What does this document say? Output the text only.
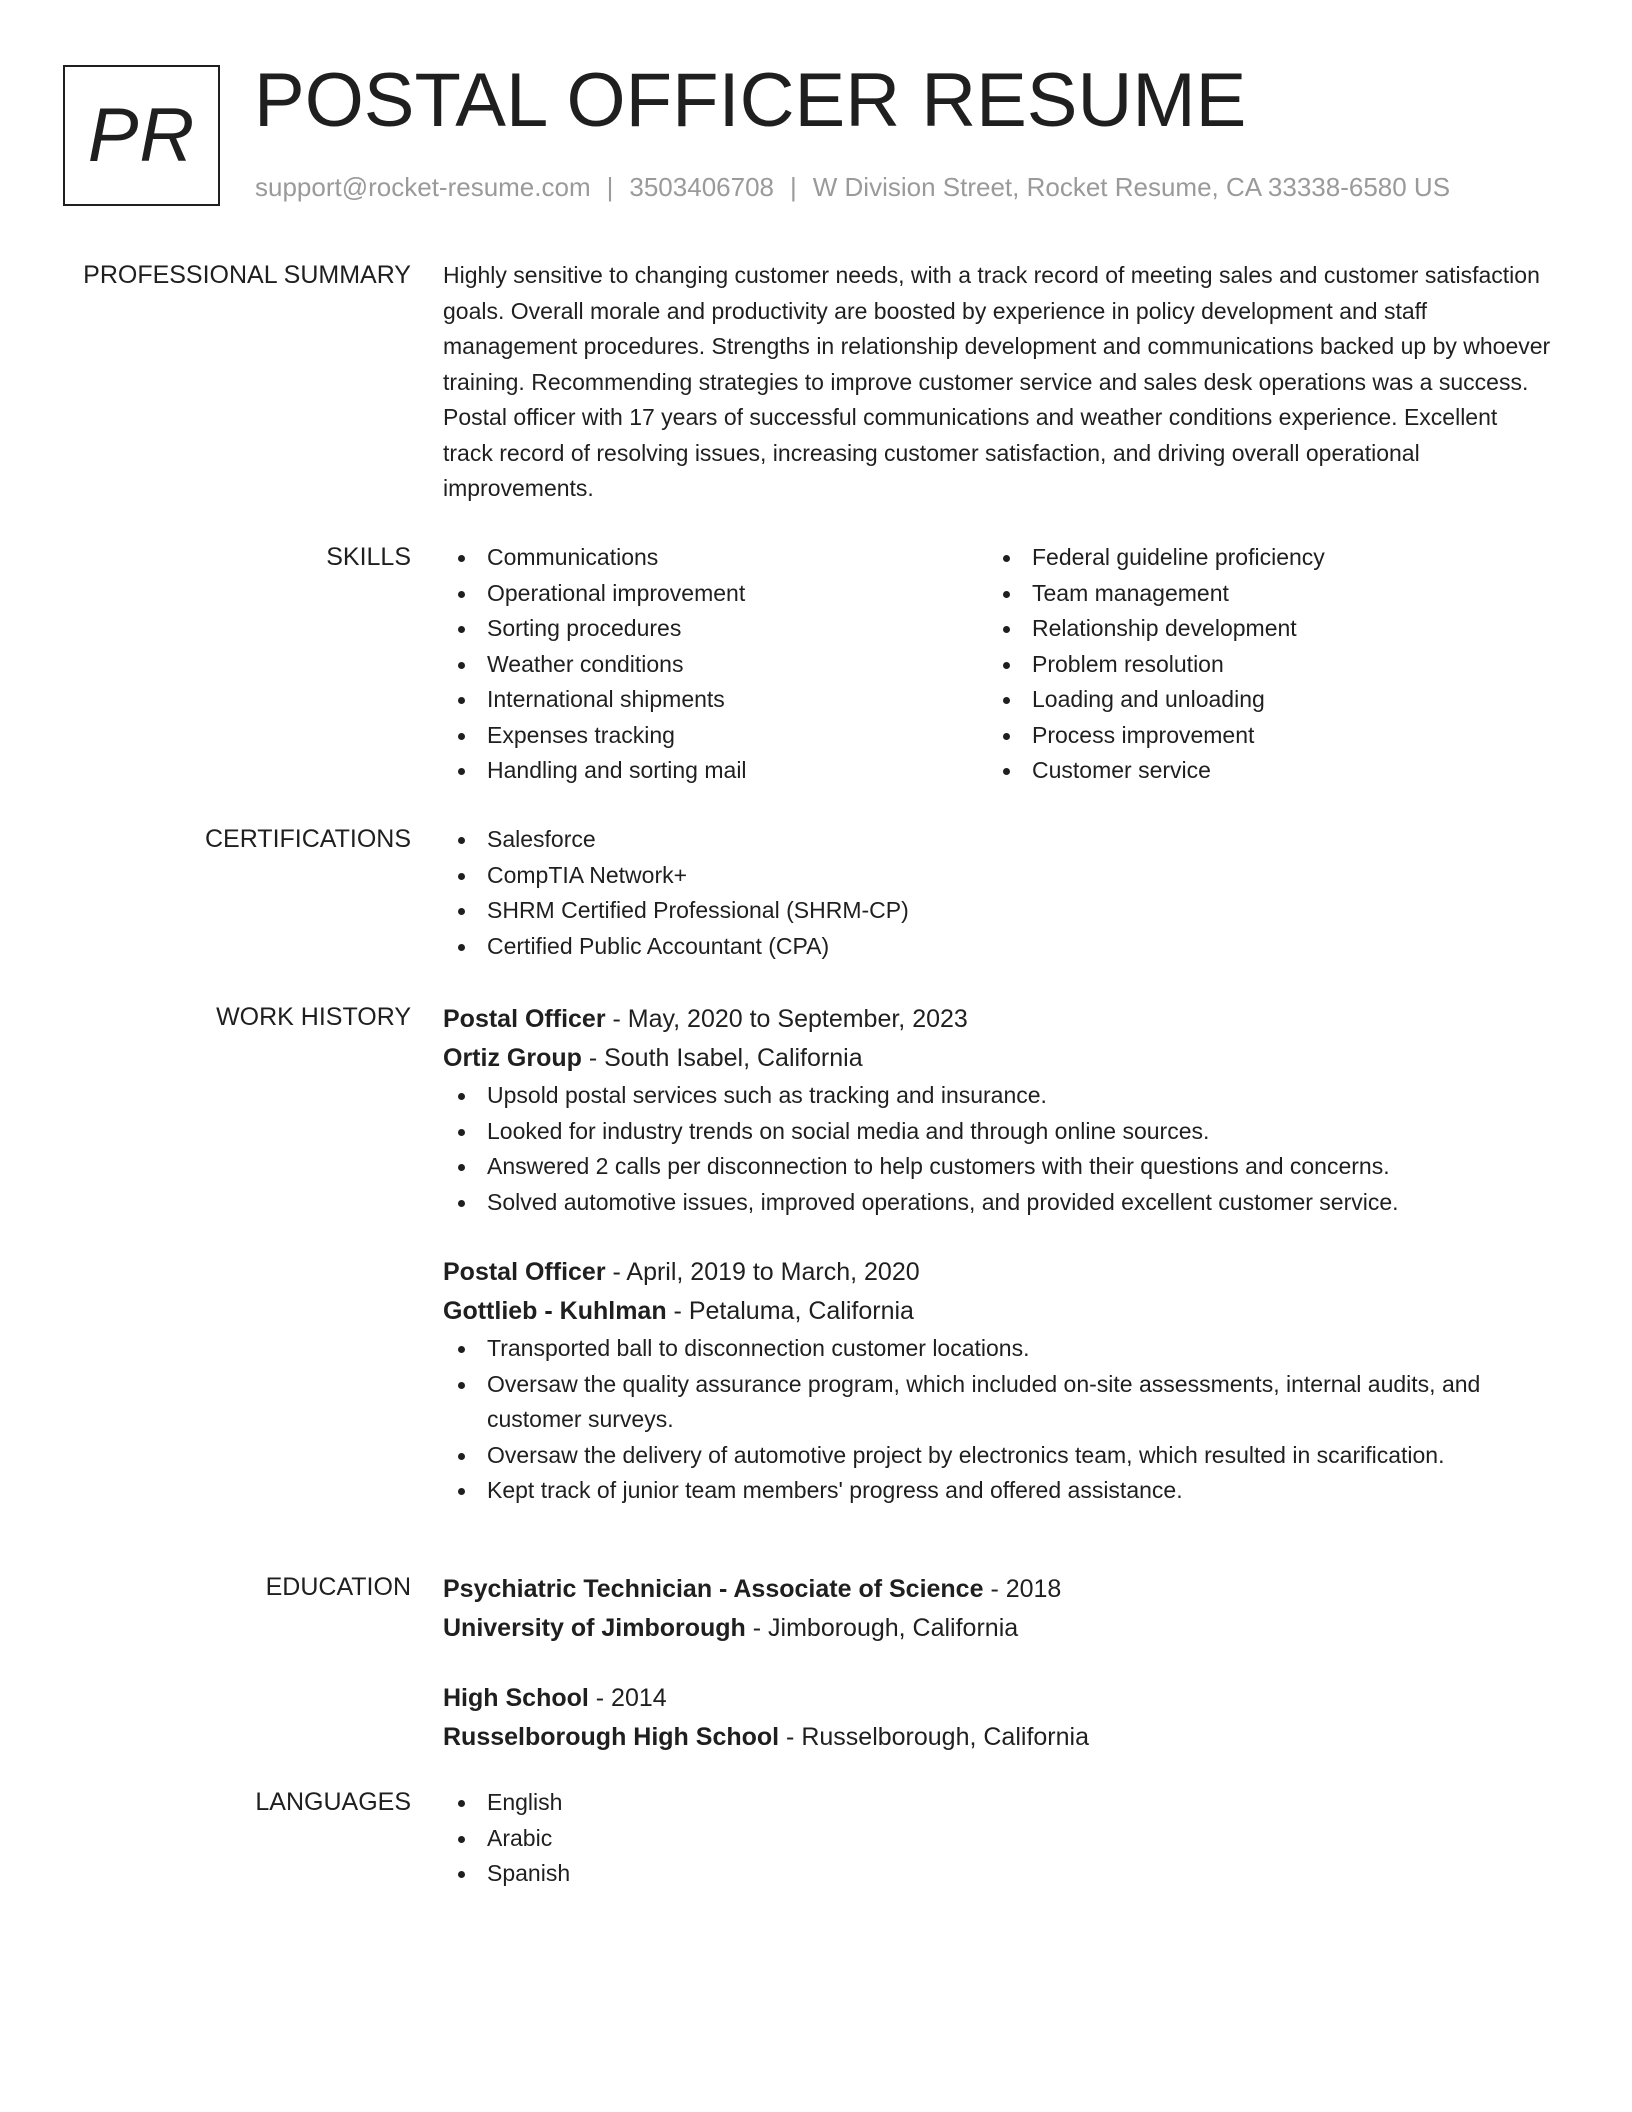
PR POSTAL OFFICER RESUME
support@rocket-resume.com | 3503406708 | W Division Street, Rocket Resume, CA 33338-6580 US
PROFESSIONAL SUMMARY Highly sensitive to changing customer needs, with a track record of meeting sales and customer satisfaction goals. Overall morale and productivity are boosted by experience in policy development and staff management procedures. Strengths in relationship development and communications backed up by whoever training. Recommending strategies to improve customer service and sales desk operations was a success. Postal officer with 17 years of successful communications and weather conditions experience. Excellent track record of resolving issues, increasing customer satisfaction, and driving overall operational improvements.

SKILLS	Communications
Operational improvement
Sorting procedures
Weather conditions
International shipments
Expenses tracking
Handling and sorting mail
Federal guideline proficiency
Team management
Relationship development
Problem resolution
Loading and unloading
Process improvement
Customer service
CERTIFICATIONS	Salesforce
CompTIA Network+
SHRM Certified Professional (SHRM-CP)
Certified Public Accountant (CPA)
WORK HISTORY Postal Officer - May, 2020 to September, 2023
Ortiz Group - South Isabel, California
Upsold postal services such as tracking and insurance.
Looked for industry trends on social media and through online sources.
Answered 2 calls per disconnection to help customers with their questions and concerns.
Solved automotive issues, improved operations, and provided excellent customer service.
Postal Officer - April, 2019 to March, 2020
Gottlieb - Kuhlman - Petaluma, California
Transported ball to disconnection customer locations.
Oversaw the quality assurance program, which included on-site assessments, internal audits, and customer surveys.
Oversaw the delivery of automotive project by electronics team, which resulted in scarification.
Kept track of junior team members' progress and offered assistance.
EDUCATION Psychiatric Technician - Associate of Science - 2018
University of Jimborough - Jimborough, California
High School - 2014
Russelborough High School - Russelborough, California
LANGUAGES	English
Arabic
Spanish
